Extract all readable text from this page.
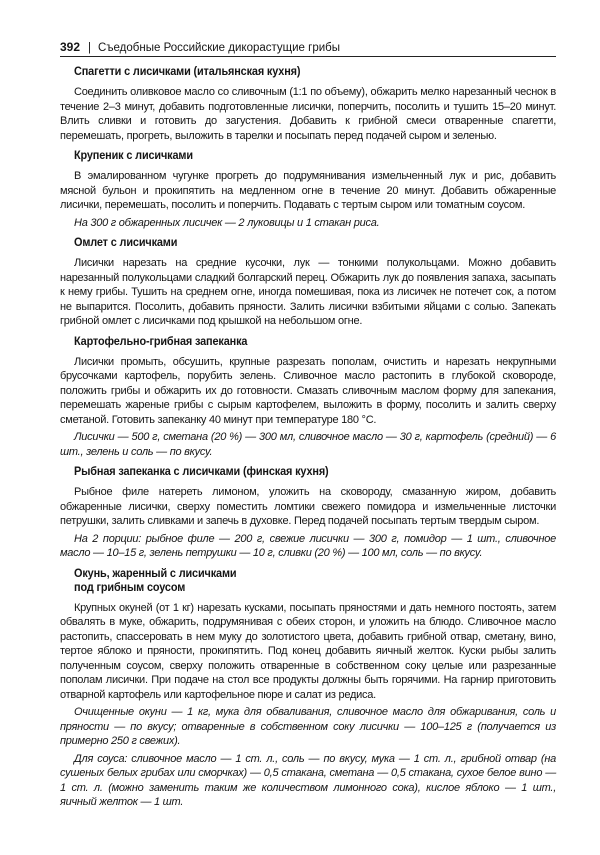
392 | Съедобные Российские дикорастущие грибы
Спагетти с лисичками (итальянская кухня)

Соединить оливковое масло со сливочным (1:1 по объему), обжарить мелко нарезанный чеснок в течение 2–3 минут, добавить подготовленные лисички, поперчить, посолить и тушить 15–20 минут. Влить сливки и готовить до загустения. Добавить к грибной смеси отваренные спагетти, перемешать, прогреть, выложить в тарелки и посыпать перед подачей сыром и зеленью.

Крупеник с лисичками

В эмалированном чугунке прогреть до подрумянивания измельченный лук и рис, добавить мясной бульон и прокипятить на медленном огне в течение 20 минут. Добавить обжаренные лисички, перемешать, посолить и поперчить. Подавать с тертым сыром или томатным соусом.

На 300 г обжаренных лисичек — 2 луковицы и 1 стакан риса.

Омлет с лисичками

Лисички нарезать на средние кусочки, лук — тонкими полукольцами. Можно добавить нарезанный полукольцами сладкий болгарский перец. Обжарить лук до появления запаха, засыпать к нему грибы. Тушить на среднем огне, иногда помешивая, пока из лисичек не потечет сок, а потом не выпарится. Посолить, добавить пряности. Залить лисички взбитыми яйцами с солью. Запекать грибной омлет с лисичками под крышкой на небольшом огне.

Картофельно-грибная запеканка

Лисички промыть, обсушить, крупные разрезать пополам, очистить и нарезать некрупными брусочками картофель, порубить зелень. Сливочное масло растопить в глубокой сковороде, положить грибы и обжарить их до готовности. Смазать сливочным маслом форму для запекания, перемешать жареные грибы с сырым картофелем, выложить в форму, посолить и залить сверху сметаной. Готовить запеканку 40 минут при температуре 180 °С.

Лисички — 500 г, сметана (20 %) — 300 мл, сливочное масло — 30 г, картофель (средний) — 6 шт., зелень и соль — по вкусу.

Рыбная запеканка с лисичками (финская кухня)

Рыбное филе натереть лимоном, уложить на сковороду, смазанную жиром, добавить обжаренные лисички, сверху поместить ломтики свежего помидора и измельченные листочки петрушки, залить сливками и запечь в духовке. Перед подачей посыпать тертым твердым сыром.

На 2 порции: рыбное филе — 200 г, свежие лисички — 300 г, помидор — 1 шт., сливочное масло — 10–15 г, зелень петрушки — 10 г, сливки (20 %) — 100 мл, соль — по вкусу.

Окунь, жаренный с лисичками
под грибным соусом

Крупных окуней (от 1 кг) нарезать кусками, посыпать пряностями и дать немного постоять, затем обвалять в муке, обжарить, подрумянивая с обеих сторон, и уложить на блюдо. Сливочное масло растопить, спассеровать в нем муку до золотистого цвета, добавить грибной отвар, сметану, вино, тертое яблоко и пряности, прокипятить. Под конец добавить яичный желток. Куски рыбы залить полученным соусом, сверху положить отваренные в собственном соку целые или разрезанные пополам лисички. При подаче на стол все продукты должны быть горячими. На гарнир приготовить отварной картофель или картофельное пюре и салат из редиса.

Очищенные окуни — 1 кг, мука для обваливания, сливочное масло для обжаривания, соль и пряности — по вкусу; отваренные в собственном соку лисички — 100–125 г (получается из примерно 250 г свежих).

Для соуса: сливочное масло — 1 ст. л., соль — по вкусу, мука — 1 ст. л., грибной отвар (на сушеных белых грибах или сморчках) — 0,5 стакана, сметана — 0,5 стакана, сухое белое вино — 1 ст. л. (можно заменить таким же количеством лимонного сока), кислое яблоко — 1 шт., яичный желток — 1 шт.
